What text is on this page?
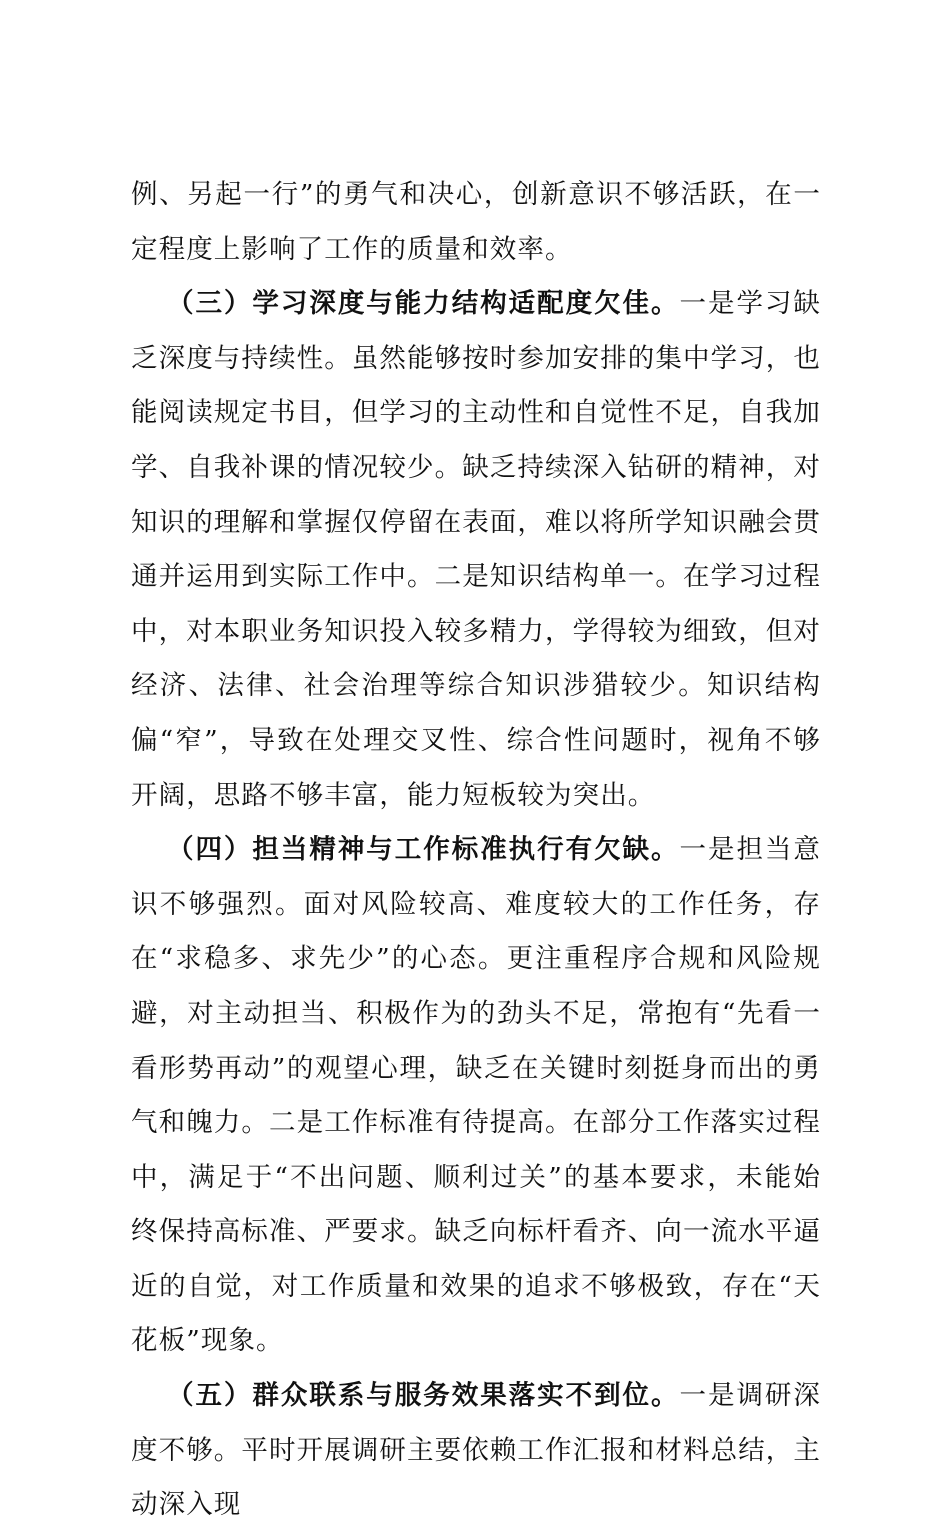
例、另起一行”的勇气和决心，创新意识不够活跃，在一定程度上影响了工作的质量和效率。

（三）学习深度与能力结构适配度欠佳。一是学习缺乏深度与持续性。虽然能够按时参加安排的集中学习，也能阅读规定书目，但学习的主动性和自觉性不足，自我加学、自我补课的情况较少。缺乏持续深入钻研的精神，对知识的理解和掌握仅停留在表面，难以将所学知识融会贯通并运用到实际工作中。二是知识结构单一。在学习过程中，对本职业务知识投入较多精力，学得较为细致，但对经济、法律、社会治理等综合知识涉猎较少。知识结构偏“窄”，导致在处理交叉性、综合性问题时，视角不够开阔，思路不够丰富，能力短板较为突出。

（四）担当精神与工作标准执行有欠缺。一是担当意识不够强烈。面对风险较高、难度较大的工作任务，存在“求稳多、求先少”的心态。更注重程序合规和风险规避，对主动担当、积极作为的劲头不足，常抱有“先看一看形势再动”的观望心理，缺乏在关键时刻挺身而出的勇气和魄力。二是工作标准有待提高。在部分工作落实过程中，满足于“不出问题、顺利过关”的基本要求，未能始终保持高标准、严要求。缺乏向标杆看齐、向一流水平逼近的自觉，对工作质量和效果的追求不够极致，存在“天花板”现象。

（五）群众联系与服务效果落实不到位。一是调研深度不够。平时开展调研主要依赖工作汇报和材料总结，主动深入现
